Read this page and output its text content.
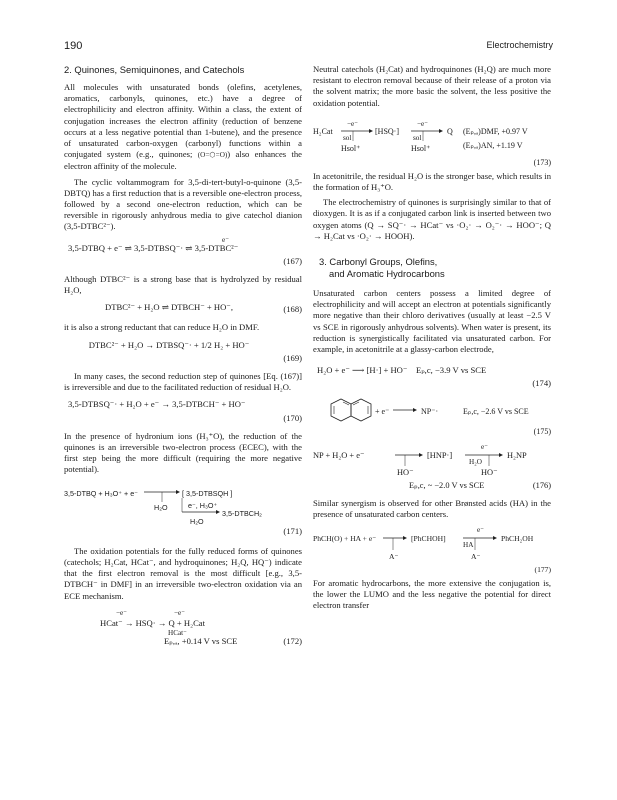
190	Electrochemistry
2. Quinones, Semiquinones, and Catechols

All molecules with unsaturated bonds (olefins, acetylenes, aromatics, carbonyls, quinones, etc.) have a degree of electrophilicity and electron affinity. Within a class, the extent of conjugation increases the electron affinity (reduction of benzene occurs at a less negative potential than 1-butene), and the presence of unsaturated carbon-oxygen (carbonyl) functions within a conjugated system (e.g., quinones; (O=⬡=O)) also enhances the electron affinity of the molecule.

The cyclic voltammogram for 3,5-di-tert-butyl-o-quinone (3,5-DBTQ) has a first reduction that is a reversible one-electron process, followed by a second one-electron reduction, which can be reversible in rigorously anhydrous media to give catechol dianion (3,5-DTBC²⁻).

e⁻
3,5-DTBQ + e⁻ ⇌ 3,5-DTBSQ⁻· ⇌ 3,5-DTBC²⁻
(167)

Although DTBC²⁻ is a strong base that is hydrolyzed by residual H₂O,

DTBC²⁻ + H₂O ⇌ DTBCH⁻ + HO⁻,	(168)

it is also a strong reductant that can reduce H₂O in DMF.

DTBC²⁻ + H₂O → DTBSQ⁻· + 1/2 H₂ + HO⁻
(169)

In many cases, the second reduction step of quinones [Eq. (167)] is irreversible and due to the facilitated reduction of residual H₂O.

3,5-DTBSQ⁻· + H₂O + e⁻ → 3,5-DTBCH⁻ + HO⁻
(170)

In the presence of hydronium ions (H₃⁺O), the reduction of the quinones is an irreversible two-electron process (ECEC), with the first step being the more difficult (requiring the more negative potential).

3,5-DTBQ + H₃O⁺ + e⁻	[ 3,5-DTBSQH ]
H₂O	e⁻, H₃O⁺
3,5-DTBCH₂
H₂O
(171)

The oxidation potentials for the fully reduced forms of quinones (catechols; H₂Cat, HCat⁻, and hydroquinones; H₂Q, HQ⁻) indicate that the first electron removal is the most difficult [e.g., 3,5-DTBCH⁻ in DMF] in an irreversible two-electron oxidation via an ECE mechanism.

−e⁻	−e⁻
HCat⁻ → HSQ· → Q + H₂Cat
HCat⁻
Eₚ,ₐ, +0.14 V vs SCE	(172)

Neutral catechols (H₂Cat) and hydroquinones (H₂Q) are much more resistant to electron removal because of their release of a proton via the solvent matrix; the more basic the solvent, the less positive the oxidation potential.

H₂Cat
−e⁻
sol
[HSQ·]
−e⁻
sol
Q
Hsol⁺	Hsol⁺
(Eₚ,ₐ)DMF, +0.97 V
(Eₚ,ₐ)AN, +1.19 V
(173)

In acetonitrile, the residual H₂O is the stronger base, which results in the formation of H₃⁺O.

The electrochemistry of quinones is surprisingly similar to that of dioxygen. It is as if a conjugated carbon link is inserted between two oxygen atoms (Q → SQ⁻· → HCat⁻ vs ·O₂· → O₂⁻· → HOO⁻; Q → H₂Cat vs ·O₂· → HOOH).

3. Carbonyl Groups, Olefins,
and Aromatic Hydrocarbons

Unsaturated carbon centers possess a limited degree of electrophilicity and will accept an electron at potentials significantly more negative than their chloro derivatives (usually at least −2.5 V vs SCE in rigorously anhydrous solvents). When water is present, its reduction is synergistically facilitated via unsaturated carbon. For example, in acetonitrile at a glassy-carbon electrode,

H₂O + e⁻ ⟶ [H·] + HO⁻ Eₚ,c, −3.9 V vs SCE
(174)
+ e⁻	NP⁻·	Eₚ,c, −2.6 V vs SCE
(175)
NP + H₂O + e⁻	[HNP·]
e⁻
H₂O
H₂NP
HO⁻	HO⁻
Eₚ,c, ~ −2.0 V vs SCE	(176)

Similar synergism is observed for other Brønsted acids (HA) in the presence of unsaturated carbon centers.

PhCH(O) + HA + e⁻	[PhCHOH]
e⁻
HA
PhCH₂OH
A⁻	A⁻
(177)

For aromatic hydrocarbons, the more extensive the conjugation is, the lower the LUMO and the less negative the potential for direct electron transfer
